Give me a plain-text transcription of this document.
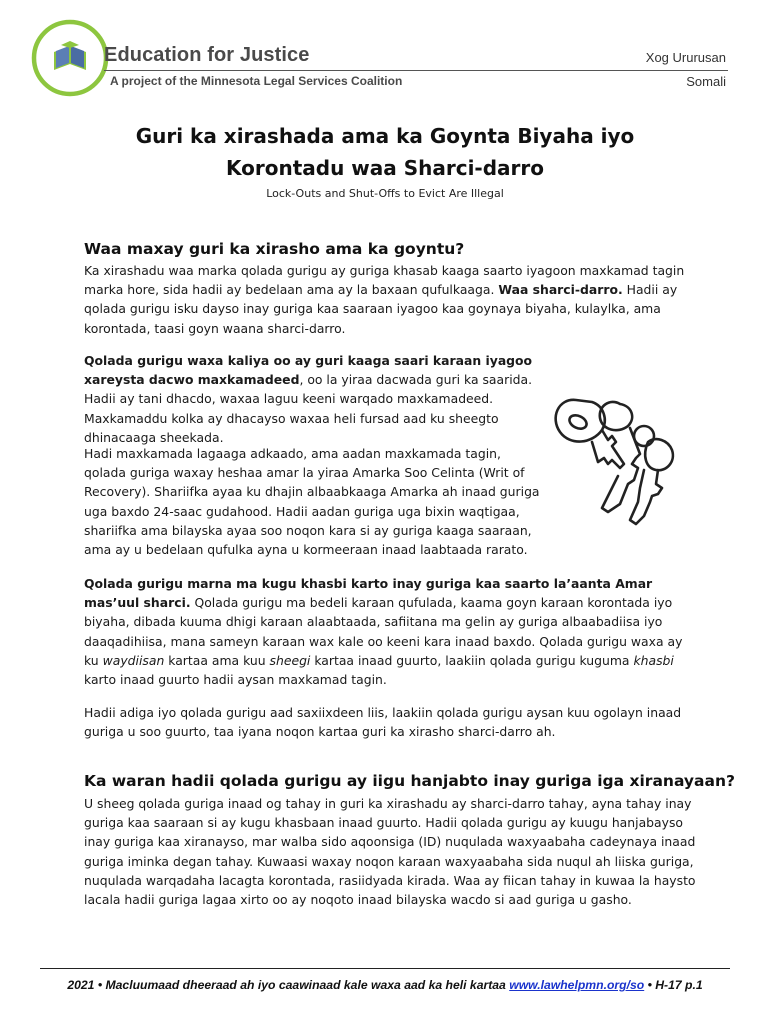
Education for Justice
A project of the Minnesota Legal Services Coalition
Xog Ururusan
Somali
Guri ka xirashada ama ka Goynta Biyaha iyo
Korontadu waa Sharci-darro
Lock-Outs and Shut-Offs to Evict Are Illegal
Waa maxay guri ka xirasho ama ka goyntu?

Ka xirashadu waa marka qolada gurigu ay guriga khasab kaaga saarto iyagoon maxkamad tagin marka hore, sida hadii ay bedelaan ama ay la baxaan qufulkaaga. Waa sharci-darro. Hadii ay qolada gurigu isku dayso inay guriga kaa saaraan iyagoo kaa goynaya biyaha, kulaylka, ama korontada, taasi goyn waana sharci-darro.

Qolada gurigu waxa kaliya oo ay guri kaaga saari karaan iyagoo xareysta dacwo maxkamadeed, oo la yiraa dacwada guri ka saarida. Hadii ay tani dhacdo, waxaa laguu keeni warqado maxkamadeed. Maxkamaddu kolka ay dhacayso waxaa heli fursad aad ku sheegto dhinacaaga sheekada.

Hadi maxkamada lagaaga adkaado, ama aadan maxkamada tagin, qolada guriga waxay heshaa amar la yiraa Amarka Soo Celinta (Writ of Recovery). Shariifka ayaa ku dhajin albaabkaaga Amarka ah inaad guriga uga baxdo 24-saac gudahood. Hadii aadan guriga uga bixin waqtigaa, shariifka ama bilayska ayaa soo noqon kara si ay guriga kaaga saaraan, ama ay u bedelaan qufulka ayna u kormeeraan inaad laabtaada rarato.

Qolada gurigu marna ma kugu khasbi karto inay guriga kaa saarto la’aanta Amar mas’uul sharci. Qolada gurigu ma bedeli karaan qufulada, kaama goyn karaan korontada iyo biyaha, dibada kuuma dhigi karaan alaabtaada, safiitana ma gelin ay guriga albaabadiisa iyo daaqadihiisa, mana sameyn karaan wax kale oo keeni kara inaad baxdo. Qolada gurigu waxa ay ku waydiisan kartaa ama kuu sheegi kartaa inaad guurto, laakiin qolada gurigu kuguma khasbi karto inaad guurto hadii aysan maxkamad tagin.

Hadii adiga iyo qolada gurigu aad saxiixdeen liis, laakiin qolada gurigu aysan kuu ogolayn inaad guriga u soo guurto, taa iyana noqon kartaa guri ka xirasho sharci-darro ah.

Ka waran hadii qolada gurigu ay iigu hanjabto inay guriga iga xiranayaan?

U sheeg qolada guriga inaad og tahay in guri ka xirashadu ay sharci-darro tahay, ayna tahay inay guriga kaa saaraan si ay kugu khasbaan inaad guurto. Hadii qolada gurigu ay kuugu hanjabayso inay guriga kaa xiranayso, mar walba sido aqoonsiga (ID) nuqulada waxyaabaha cadeynaya inaad guriga iminka degan tahay. Kuwaasi waxay noqon karaan waxyaabaha sida nuqul ah liiska guriga, nuqulada warqadaha lacagta korontada, rasiidyada kirada. Waa ay fiican tahay in kuwaa la haysto lacala hadii guriga lagaa xirto oo ay noqoto inaad bilayska wacdo si aad guriga u gasho.

2021 • Macluumaad dheeraad ah iyo caawinaad kale waxa aad ka heli kartaa www.lawhelpmn.org/so • H-17 p.1
